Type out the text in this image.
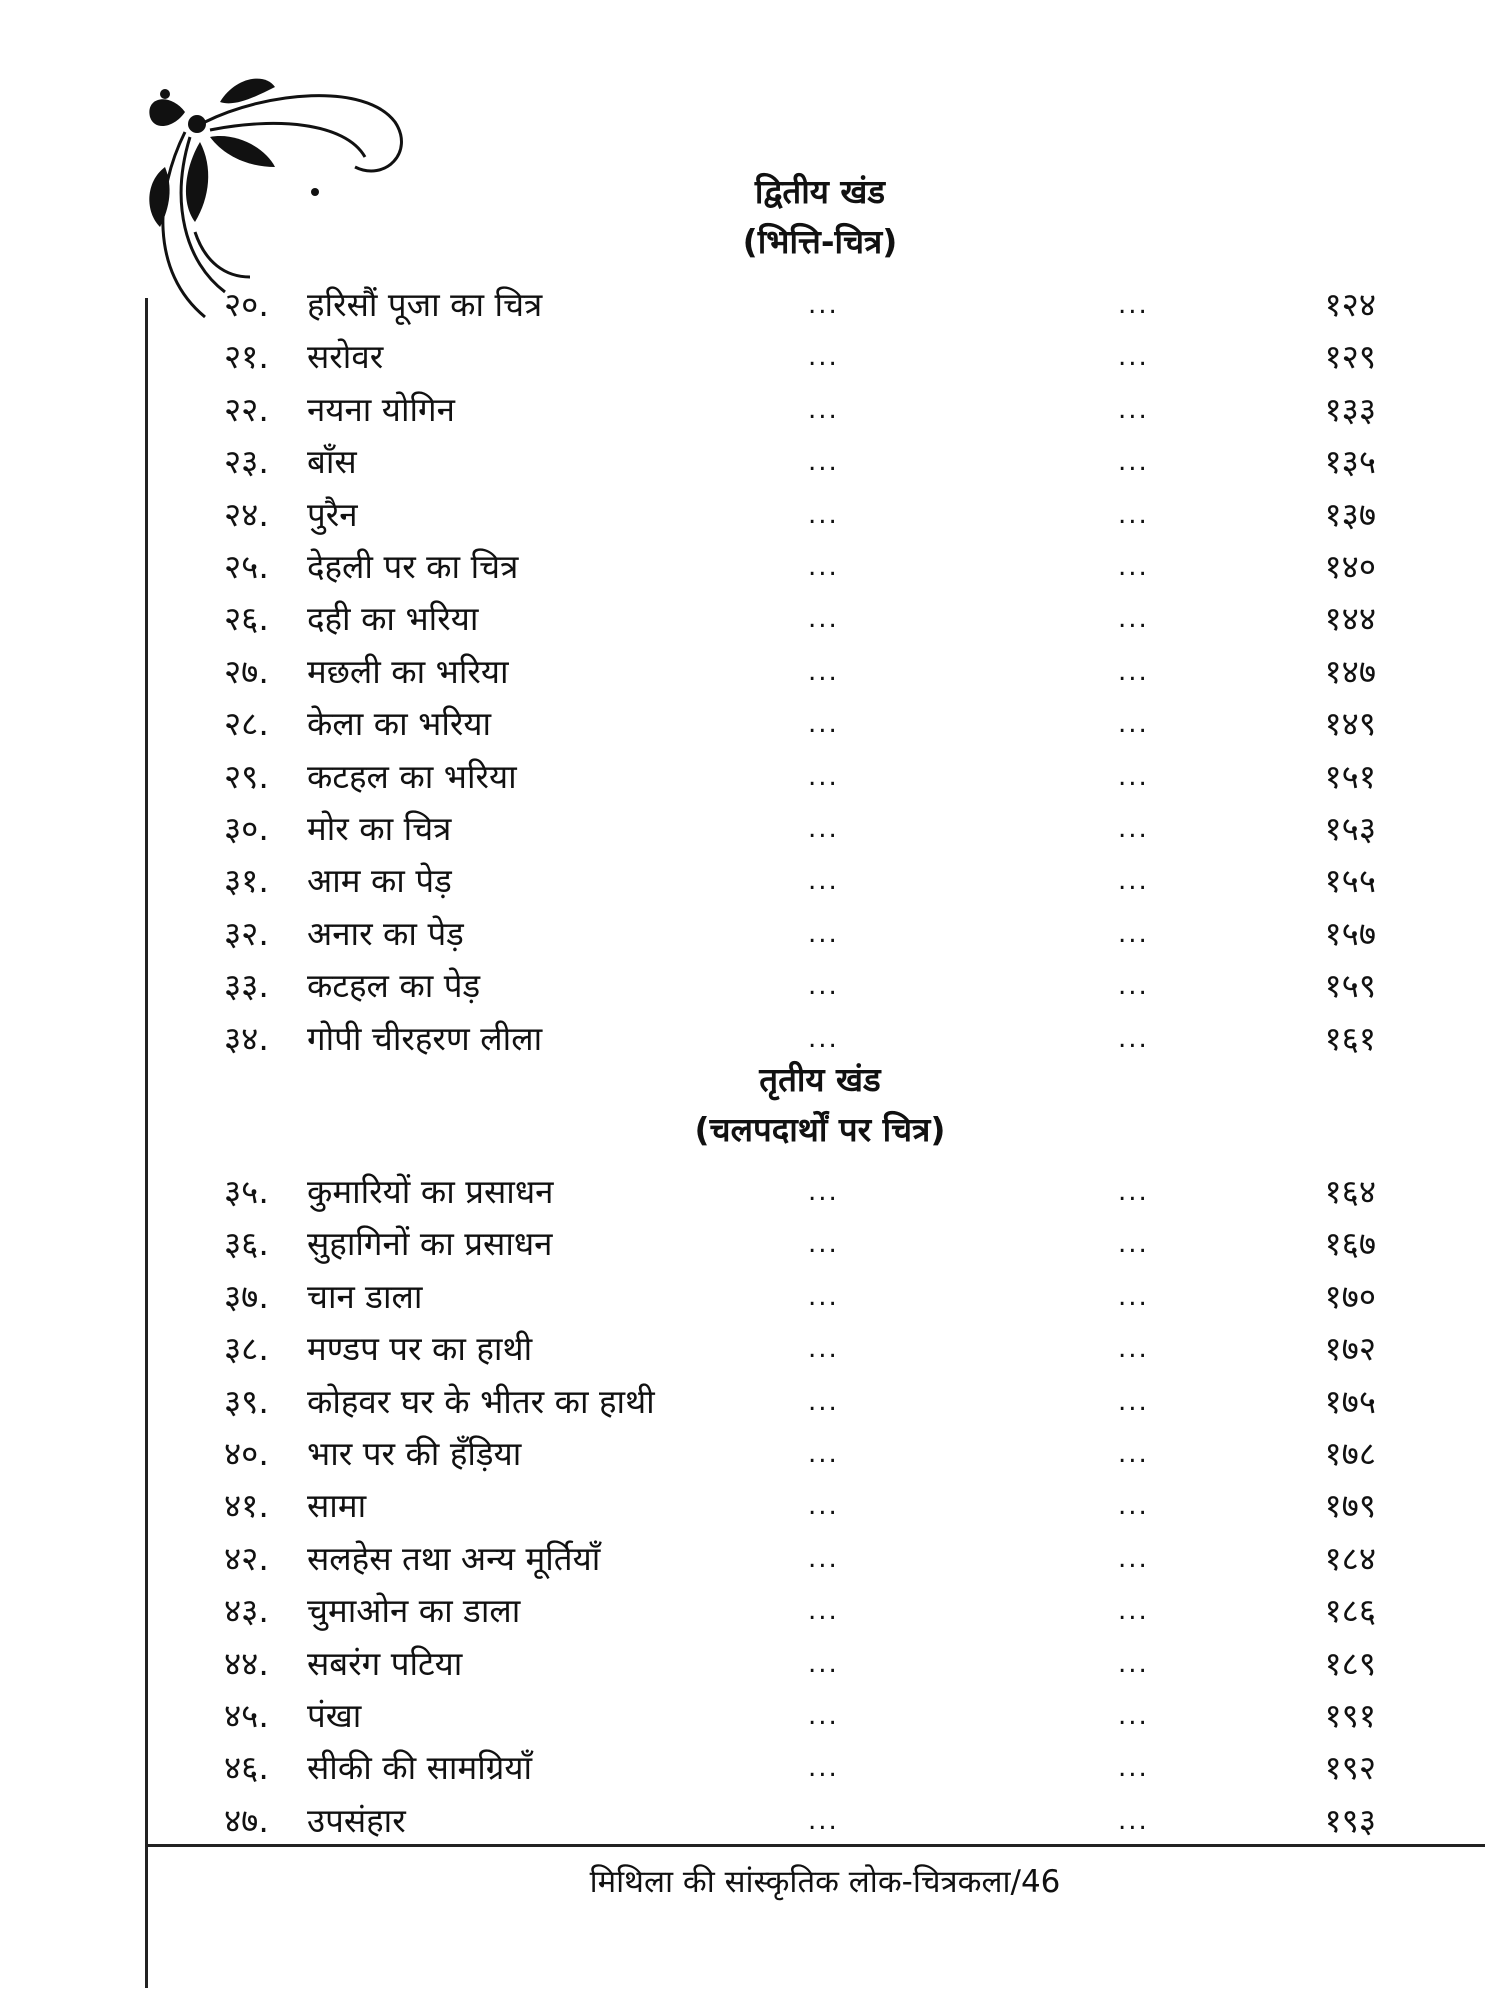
द्वितीय खंड
(भित्ति-चित्र)
२०.	हरिसौं पूजा का चित्र	...	...	१२४
२१.	सरोवर	...	...	१२९
२२.	नयना योगिन	...	...	१३३
२३.	बाँस	...	...	१३५
२४.	पुरैन	...	...	१३७
२५.	देहली पर का चित्र	...	...	१४०
२६.	दही का भरिया	...	...	१४४
२७.	मछली का भरिया	...	...	१४७
२८.	केला का भरिया	...	...	१४९
२९.	कटहल का भरिया	...	...	१५१
३०.	मोर का चित्र	...	...	१५३
३१.	आम का पेड़	...	...	१५५
३२.	अनार का पेड़	...	...	१५७
३३.	कटहल का पेड़	...	...	१५९
३४.	गोपी चीरहरण लीला	...	...	१६१
तृतीय खंड
(चलपदार्थों पर चित्र)
३५.	कुमारियों का प्रसाधन	...	...	१६४
३६.	सुहागिनों का प्रसाधन	...	...	१६७
३७.	चान डाला	...	...	१७०
३८.	मण्डप पर का हाथी	...	...	१७२
३९.	कोहवर घर के भीतर का हाथी	...	...	१७५
४०.	भार पर की हँड़िया	...	...	१७८
४१.	सामा	...	...	१७९
४२.	सलहेस तथा अन्य मूर्तियाँ	...	...	१८४
४३.	चुमाओन का डाला	...	...	१८६
४४.	सबरंग पटिया	...	...	१८९
४५.	पंखा	...	...	१९१
४६.	सीकी की सामग्रियाँ	...	...	१९२
४७.	उपसंहार	...	...	१९३
मिथिला की सांस्कृतिक लोक-चित्रकला/46
